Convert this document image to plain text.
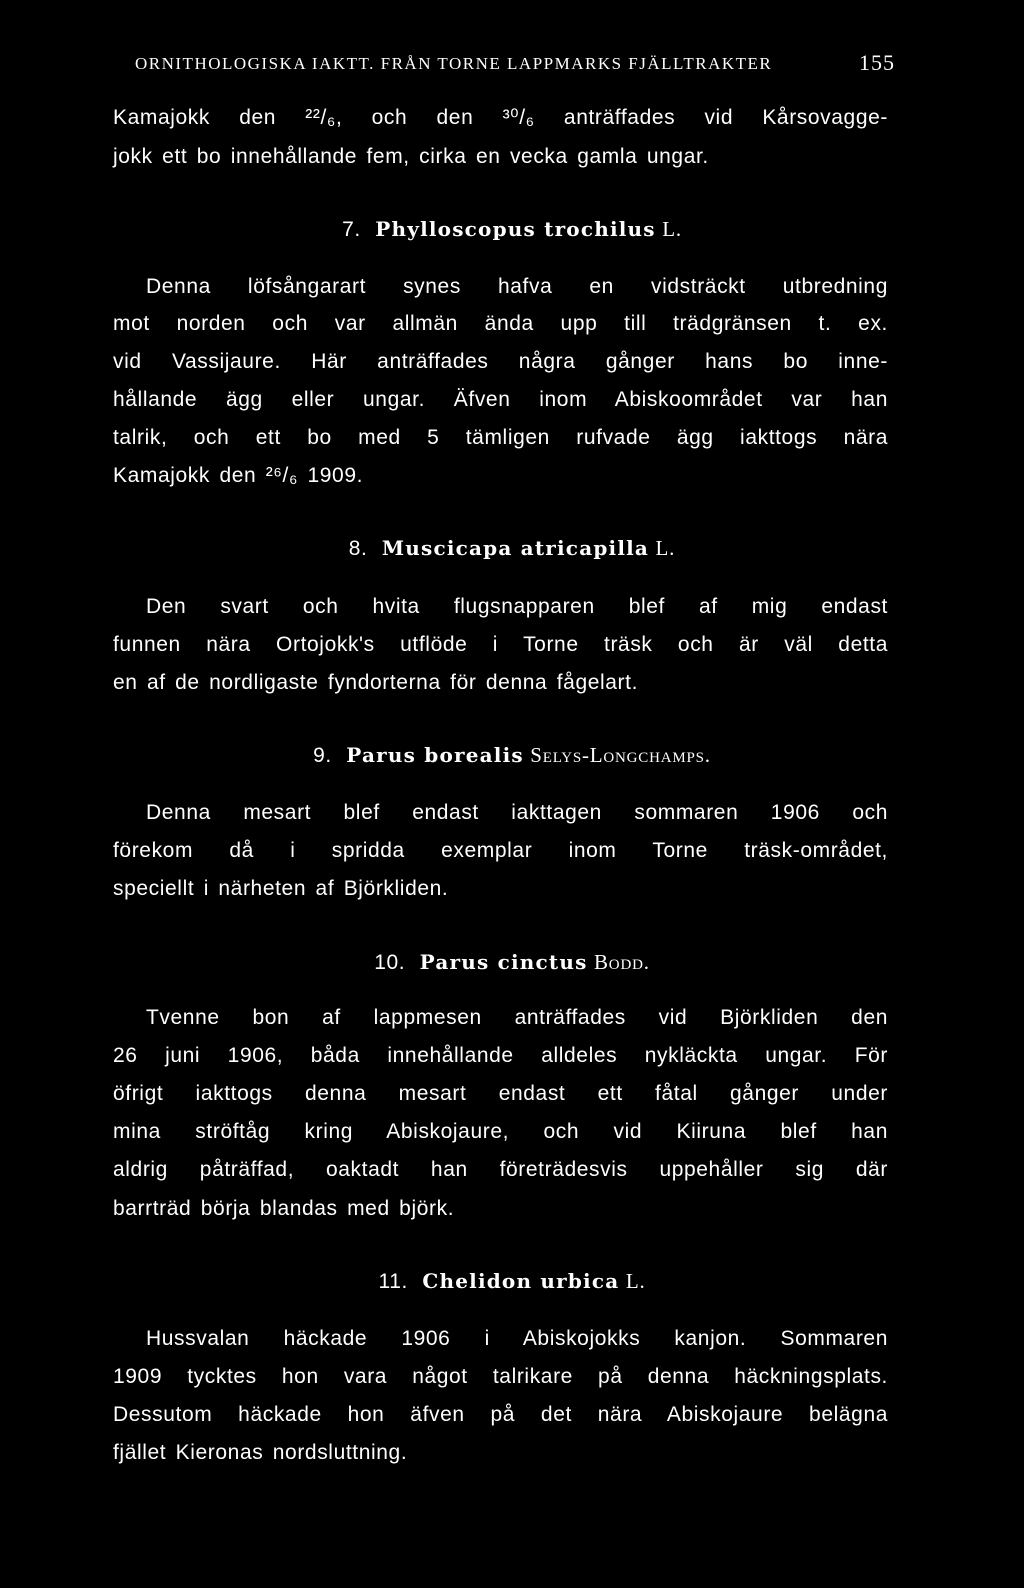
ORNITHOLOGISKA IAKTT. FRÅN TORNE LAPPMARKS FJÄLLTRAKTER	155
Kamajokk den ²²/₆, och den ³⁰/₆ anträffades vid Kårsovagge-
jokk ett bo innehållande fem, cirka en vecka gamla ungar.
7. Phylloscopus trochilus L.
Denna löfsångarart synes hafva en vidsträckt utbredning
mot norden och var allmän ända upp till trädgränsen t. ex.
vid Vassijaure. Här anträffades några gånger hans bo inne-
hållande ägg eller ungar. Äfven inom Abiskoområdet var han
talrik, och ett bo med 5 tämligen rufvade ägg iakttogs nära
Kamajokk den ²⁶/₆ 1909.
8. Muscicapa atricapilla L.
Den svart och hvita flugsnapparen blef af mig endast
funnen nära Ortojokk's utflöde i Torne träsk och är väl detta
en af de nordligaste fyndorterna för denna fågelart.
9. Parus borealis Selys-Longchamps.
Denna mesart blef endast iakttagen sommaren 1906 och
förekom då i spridda exemplar inom Torne träsk-området,
speciellt i närheten af Björkliden.
10. Parus cinctus Bodd.
Tvenne bon af lappmesen anträffades vid Björkliden den
26 juni 1906, båda innehållande alldeles nykläckta ungar. För
öfrigt iakttogs denna mesart endast ett fåtal gånger under
mina ströftåg kring Abiskojaure, och vid Kiiruna blef han
aldrig påträffad, oaktadt han företrädesvis uppehåller sig där
barrträd börja blandas med björk.
11. Chelidon urbica L.
Hussvalan häckade 1906 i Abiskojokks kanjon. Sommaren
1909 tycktes hon vara något talrikare på denna häckningsplats.
Dessutom häckade hon äfven på det nära Abiskojaure belägna
fjället Kieronas nordsluttning.
